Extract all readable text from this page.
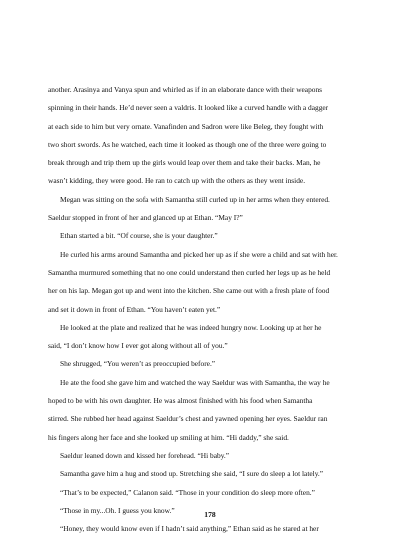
another. Arasinya and Vanya spun and whirled as if in an elaborate dance with their weapons
spinning in their hands. He’d never seen a valdris. It looked like a curved handle with a dagger
at each side to him but very ornate. Vanafinden and Sadron were like Beleg, they fought with
two short swords. As he watched, each time it looked as though one of the three were going to
break through and trip them up the girls would leap over them and take their backs. Man, he
wasn’t kidding, they were good. He ran to catch up with the others as they went inside.
Megan was sitting on the sofa with Samantha still curled up in her arms when they entered.
Saeldur stopped in front of her and glanced up at Ethan. “May I?”
Ethan started a bit. “Of course, she is your daughter.”
He curled his arms around Samantha and picked her up as if she were a child and sat with her.
Samantha murmured something that no one could understand then curled her legs up as he held
her on his lap. Megan got up and went into the kitchen. She came out with a fresh plate of food
and set it down in front of Ethan. “You haven’t eaten yet.”
He looked at the plate and realized that he was indeed hungry now. Looking up at her he
said, “I don’t know how I ever got along without all of you.”
She shrugged, “You weren’t as preoccupied before.”
He ate the food she gave him and watched the way Saeldur was with Samantha, the way he
hoped to be with his own daughter. He was almost finished with his food when Samantha
stirred. She rubbed her head against Saeldur’s chest and yawned opening her eyes. Saeldur ran
his fingers along her face and she looked up smiling at him. “Hi daddy,” she said.
Saeldur leaned down and kissed her forehead. “Hi baby.”
Samantha gave him a hug and stood up. Stretching she said, “I sure do sleep a lot lately.”
“That’s to be expected,” Calanon said. “Those in your condition do sleep more often.”
“Those in my...Oh. I guess you know.”
“Honey, they would know even if I hadn’t said anything,” Ethan said as he stared at her
178
